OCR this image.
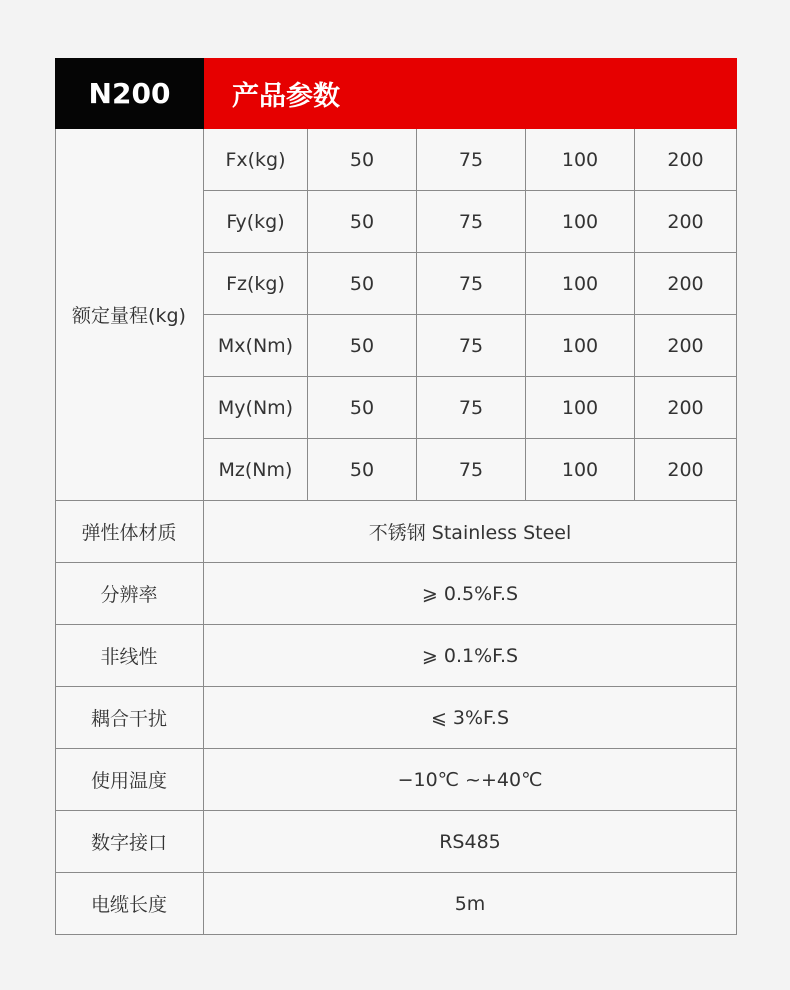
N200	产品参数
额定量程(kg)
Fx(kg)	50	75	100	200
Fy(kg)	50	75	100	200
Fz(kg)	50	75	100	200
Mx(Nm)	50	75	100	200
My(Nm)	50	75	100	200
Mz(Nm)	50	75	100	200
弹性体材质	不锈钢 Stainless Steel
分辨率	⩾ 0.5%F.S
非线性	⩾ 0.1%F.S
耦合干扰	⩽ 3%F.S
使用温度	−10℃ ~+40℃
数字接口	RS485
电缆长度	5m
